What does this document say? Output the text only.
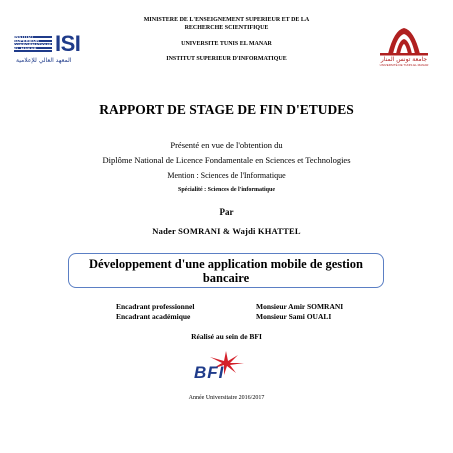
MINISTERE DE L'ENSEIGNEMENT SUPERIEUR ET DE LA
RECHERCHE SCIENTIFIQUE
UNIVERSITE TUNIS EL MANAR
INSTITUT SUPERIEUR D'INFORMATIQUE
INSTITUT
SUPERIEUR
D'INFORMATIQUE
EL MANAR ISI
المعهد العالي للإعلامية	جامعة تونس المنار
UNIVERSITÉ DE TUNIS EL MANAR
RAPPORT DE STAGE DE FIN D'ETUDES
Présenté en vue de l'obtention du
Diplôme National de Licence Fondamentale en Sciences et Technologies
Mention : Sciences de l'Informatique
Spécialité : Sciences de l'informatique
Par
Nader SOMRANI & Wajdi KHATTEL
Développement d'une application mobile de gestion bancaire
Encadrant professionnel	Monsieur Amir SOMRANI
Encadrant académique	Monsieur Sami OUALI
Réalisé au sein de BFI
BFI
Année Universitaire 2016/2017
